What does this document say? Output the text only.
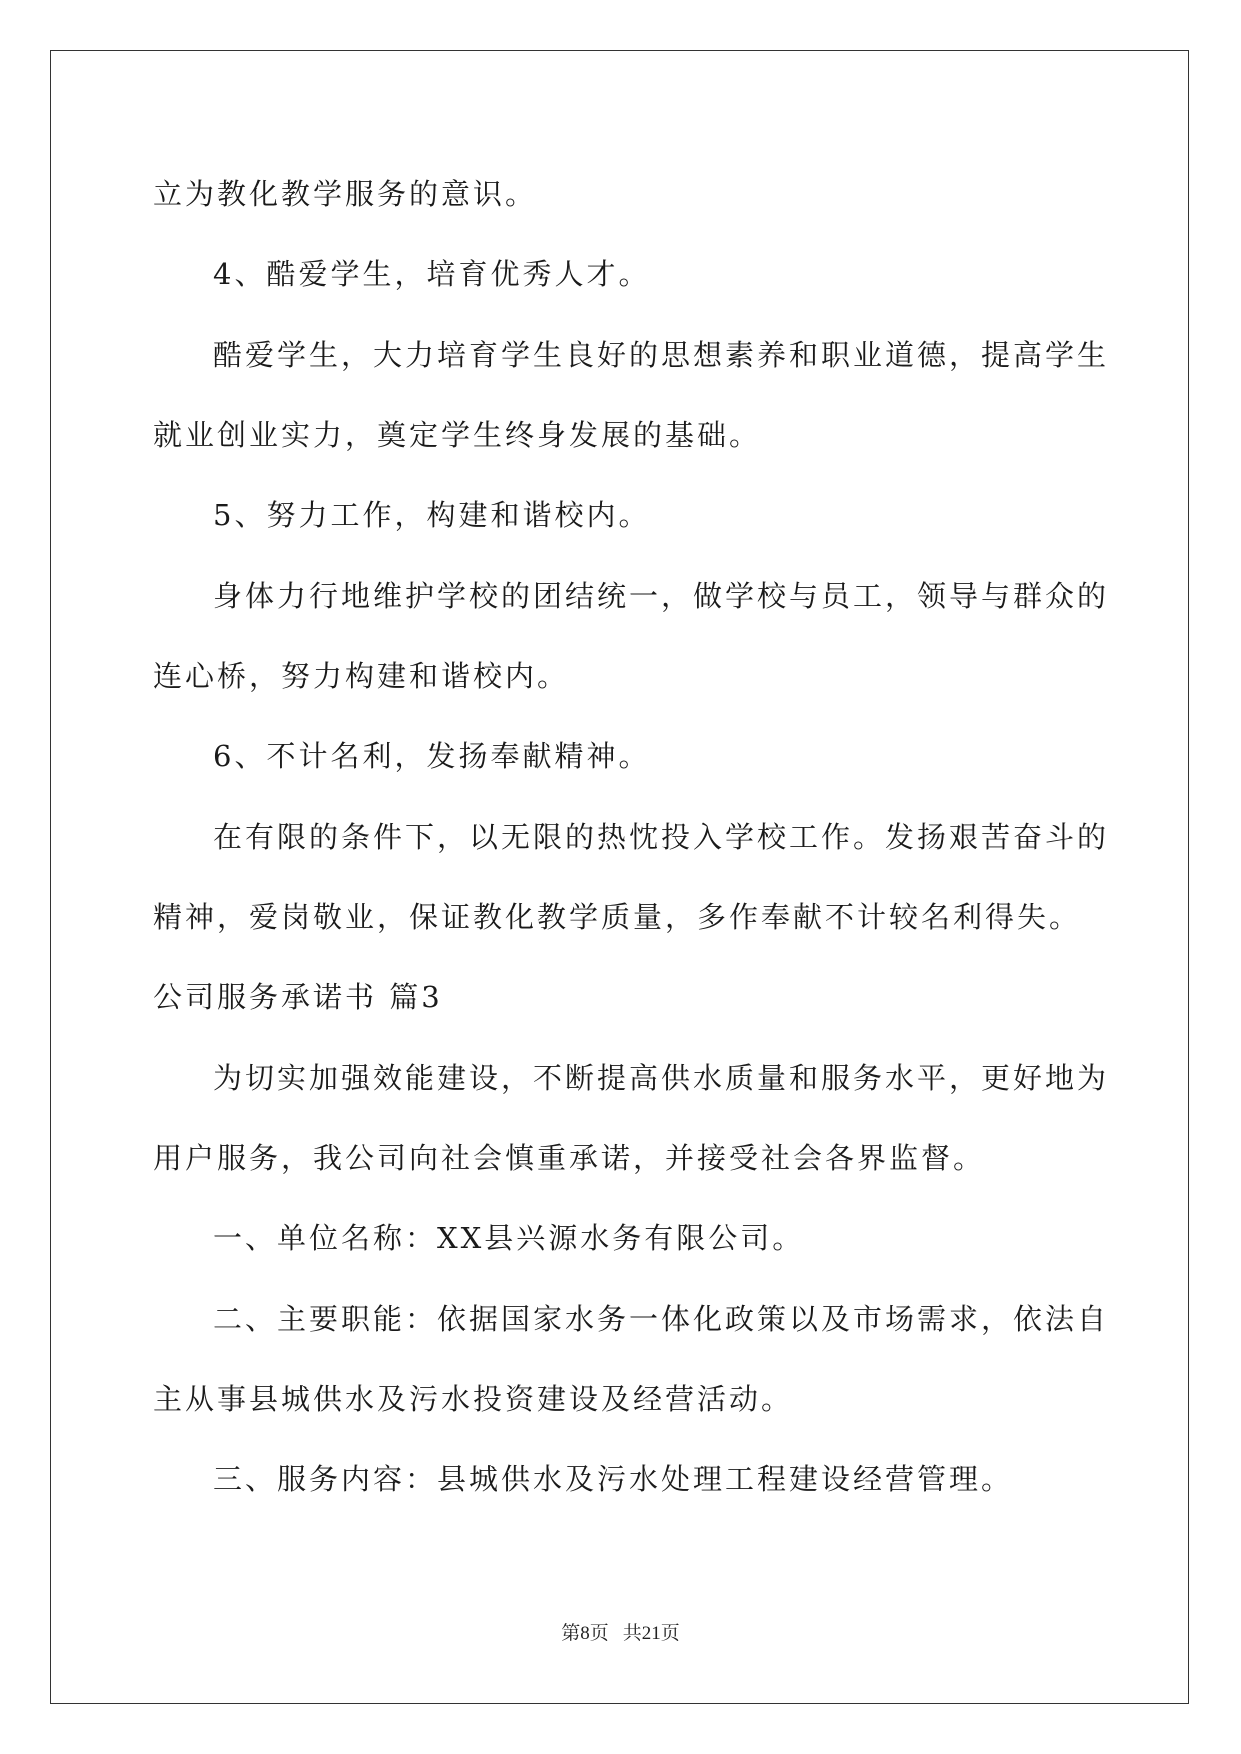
立为教化教学服务的意识。
4、酷爱学生，培育优秀人才。
酷爱学生，大力培育学生良好的思想素养和职业道德，提高学生
就业创业实力，奠定学生终身发展的基础。
5、努力工作，构建和谐校内。
身体力行地维护学校的团结统一，做学校与员工，领导与群众的
连心桥，努力构建和谐校内。
6、不计名利，发扬奉献精神。
在有限的条件下，以无限的热忱投入学校工作。发扬艰苦奋斗的
精神，爱岗敬业，保证教化教学质量，多作奉献不计较名利得失。
公司服务承诺书 篇3
为切实加强效能建设，不断提高供水质量和服务水平，更好地为
用户服务，我公司向社会慎重承诺，并接受社会各界监督。
一、单位名称：XX县兴源水务有限公司。
二、主要职能：依据国家水务一体化政策以及市场需求，依法自
主从事县城供水及污水投资建设及经营活动。
三、服务内容：县城供水及污水处理工程建设经营管理。
第8页 共21页
